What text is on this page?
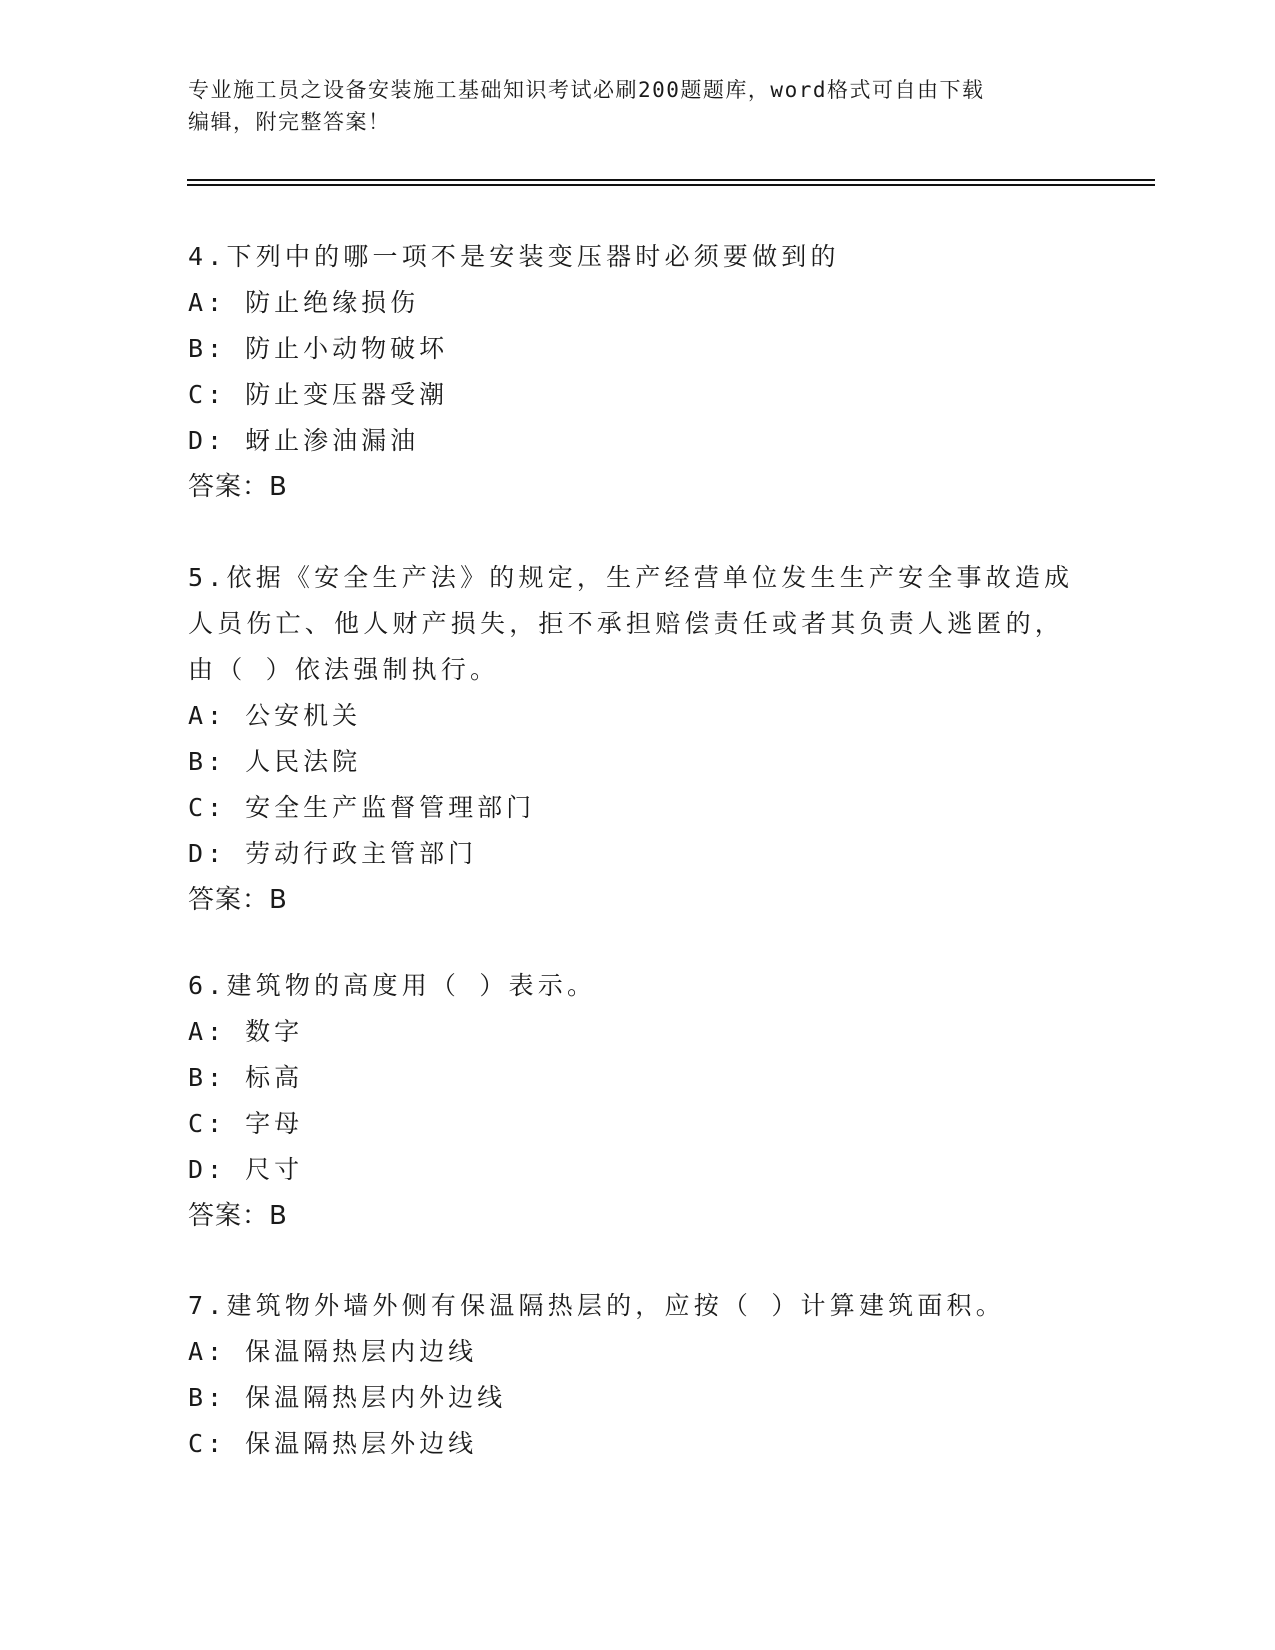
专业施工员之设备安装施工基础知识考试必刷200题题库，word格式可自由下载
编辑，附完整答案！
4.下列中的哪一项不是安装变压器时必须要做到的
A: 防止绝缘损伤
B: 防止小动物破坏
C: 防止变压器受潮
D: 蚜止渗油漏油
答案：B
5.依据《安全生产法》的规定，生产经营单位发生生产安全事故造成
人员伤亡、他人财产损失，拒不承担赔偿责任或者其负责人逃匿的，
由（ ）依法强制执行。
A: 公安机关
B: 人民法院
C: 安全生产监督管理部门
D: 劳动行政主管部门
答案：B
6.建筑物的高度用（ ）表示。
A: 数字
B: 标高
C: 字母
D: 尺寸
答案：B
7.建筑物外墙外侧有保温隔热层的，应按（ ）计算建筑面积。
A: 保温隔热层内边线
B: 保温隔热层内外边线
C: 保温隔热层外边线
